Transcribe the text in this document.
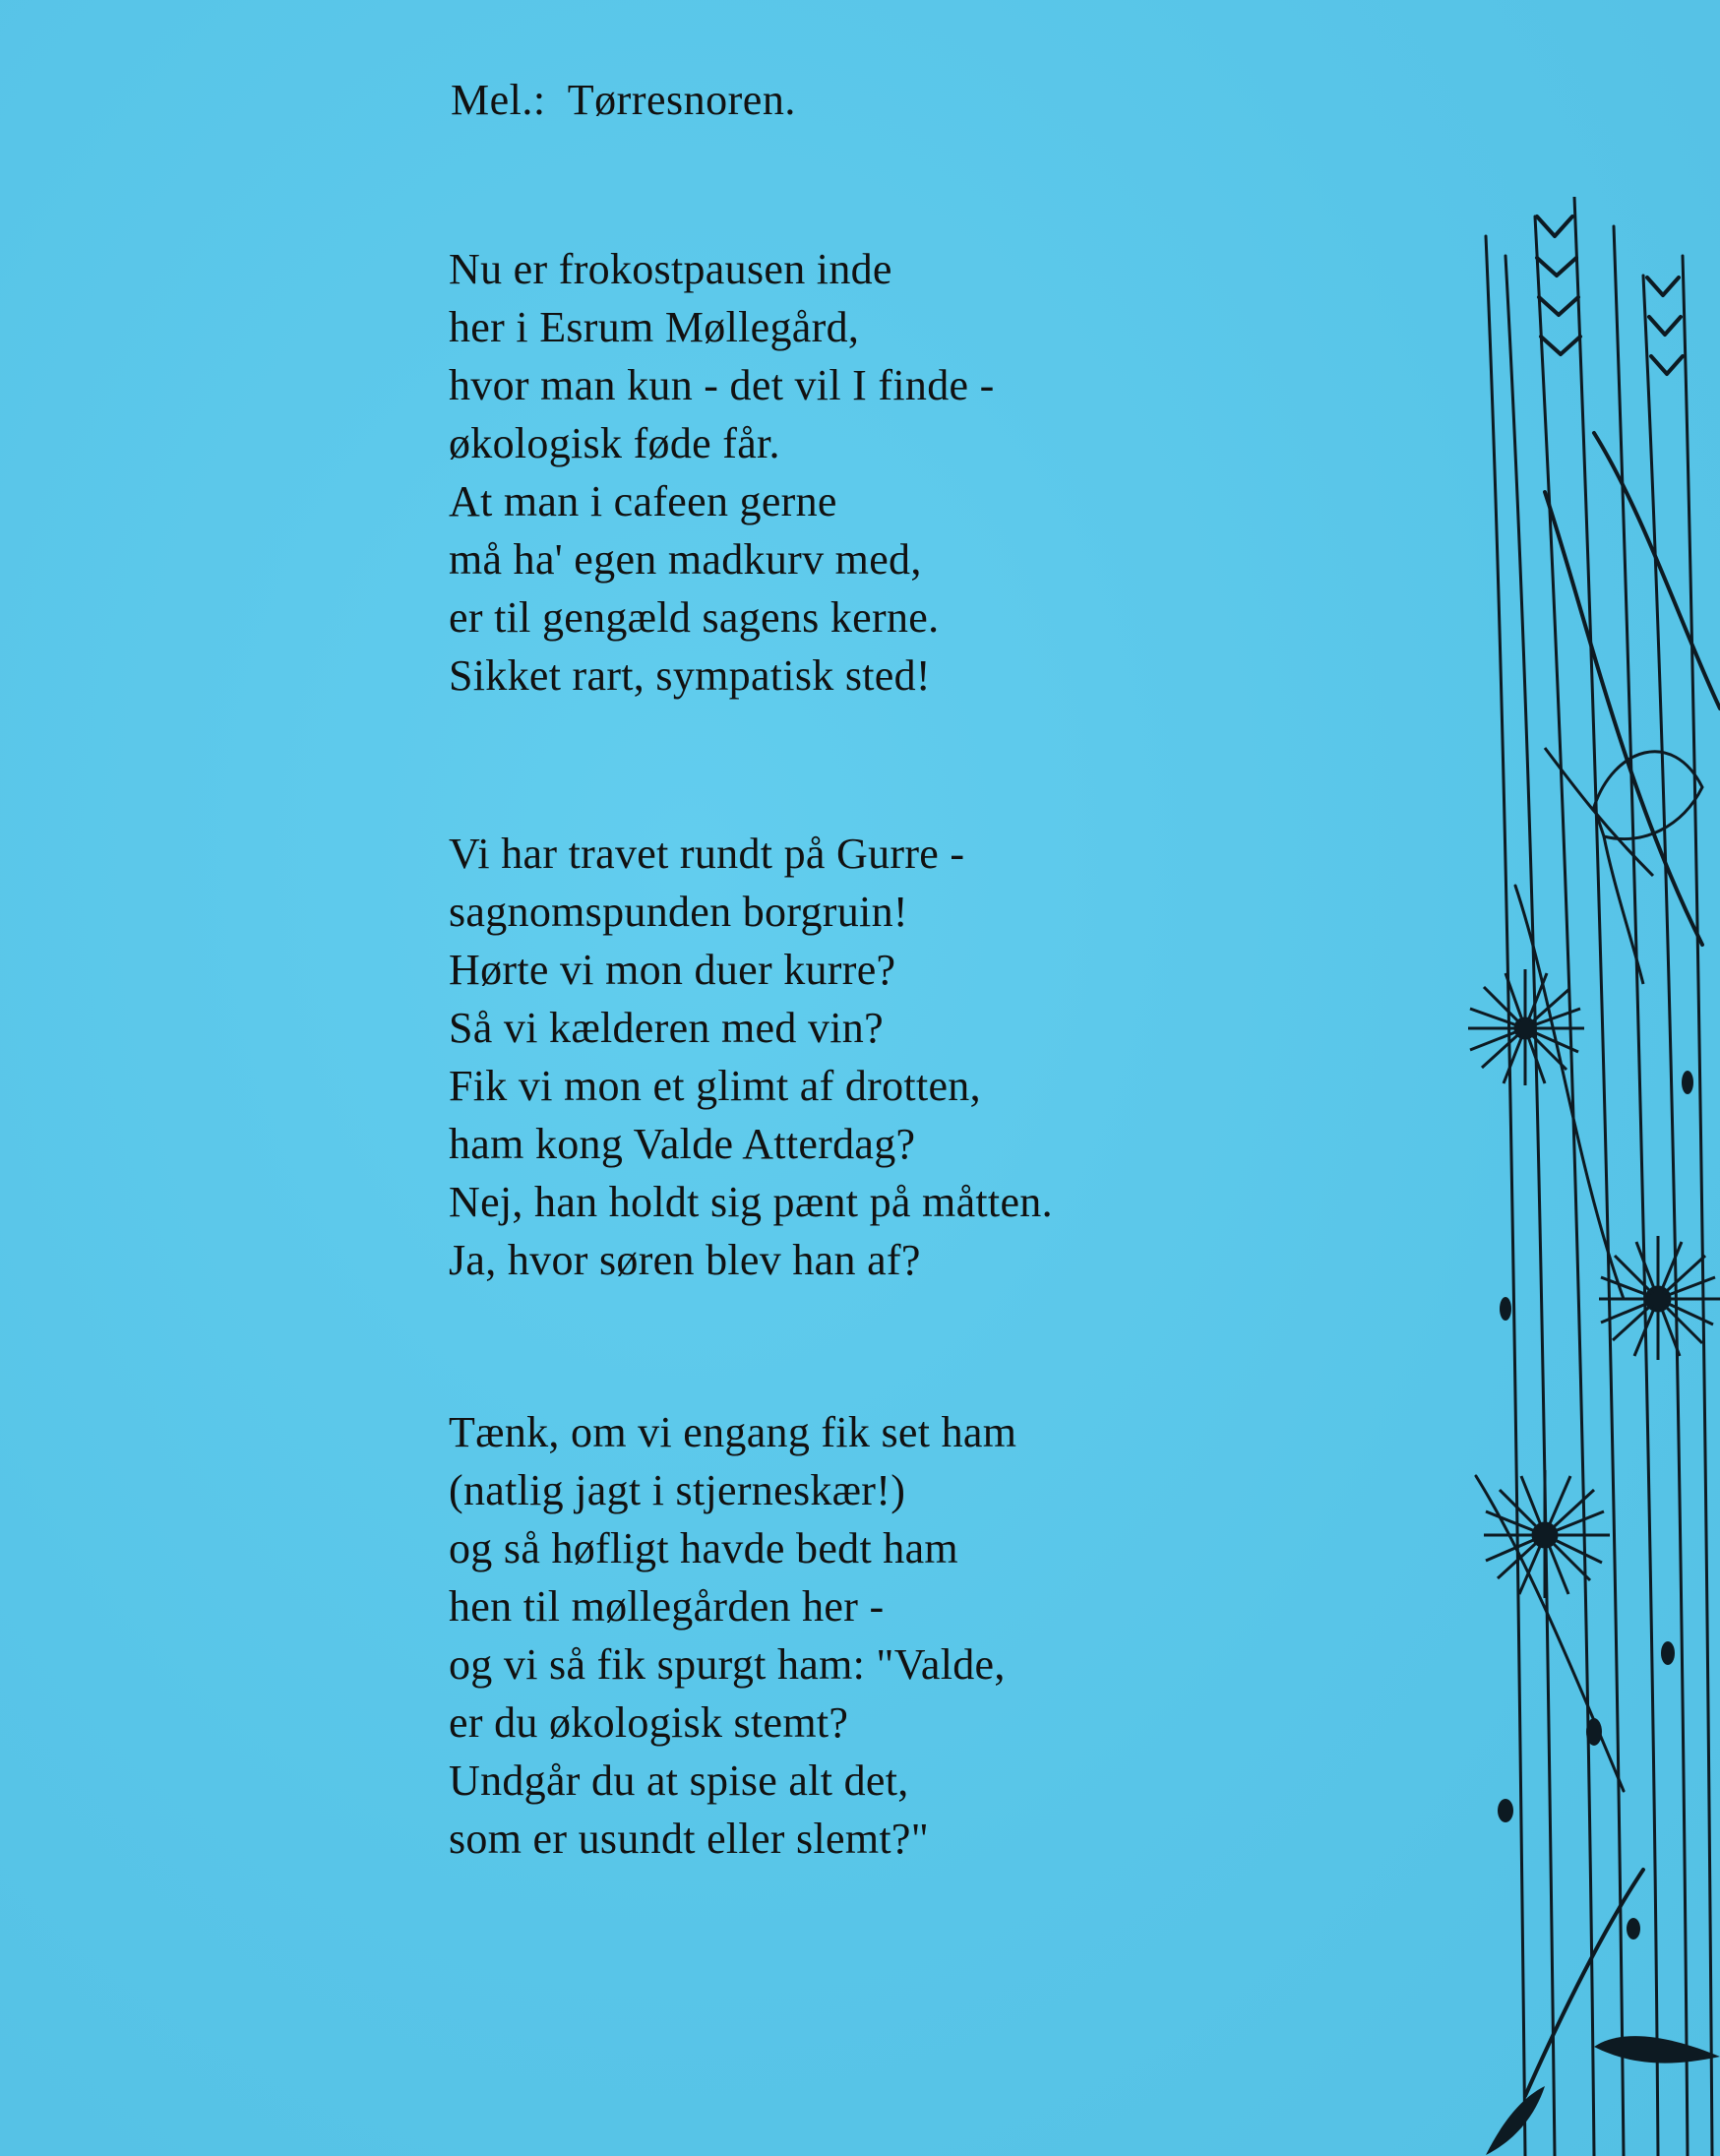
Mel.:  Tørresnoren.
Nu er frokostpausen inde
her i Esrum Møllegård,
hvor man kun - det vil I finde -
økologisk føde får.
At man i cafeen gerne
må ha' egen madkurv med,
er til gengæld sagens kerne.
Sikket rart, sympatisk sted!
Vi har travet rundt på Gurre -
sagnomspunden borgruin!
Hørte vi mon duer kurre?
Så vi kælderen med vin?
Fik vi mon et glimt af drotten,
ham kong Valde Atterdag?
Nej, han holdt sig pænt på måtten.
Ja, hvor søren blev han af?
Tænk, om vi engang fik set ham
(natlig jagt i stjerneskær!)
og så høfligt havde bedt ham
hen til møllegården her -
og vi så fik spurgt ham: "Valde,
er du økologisk stemt?
Undgår du at spise alt det,
som er usundt eller slemt?"
